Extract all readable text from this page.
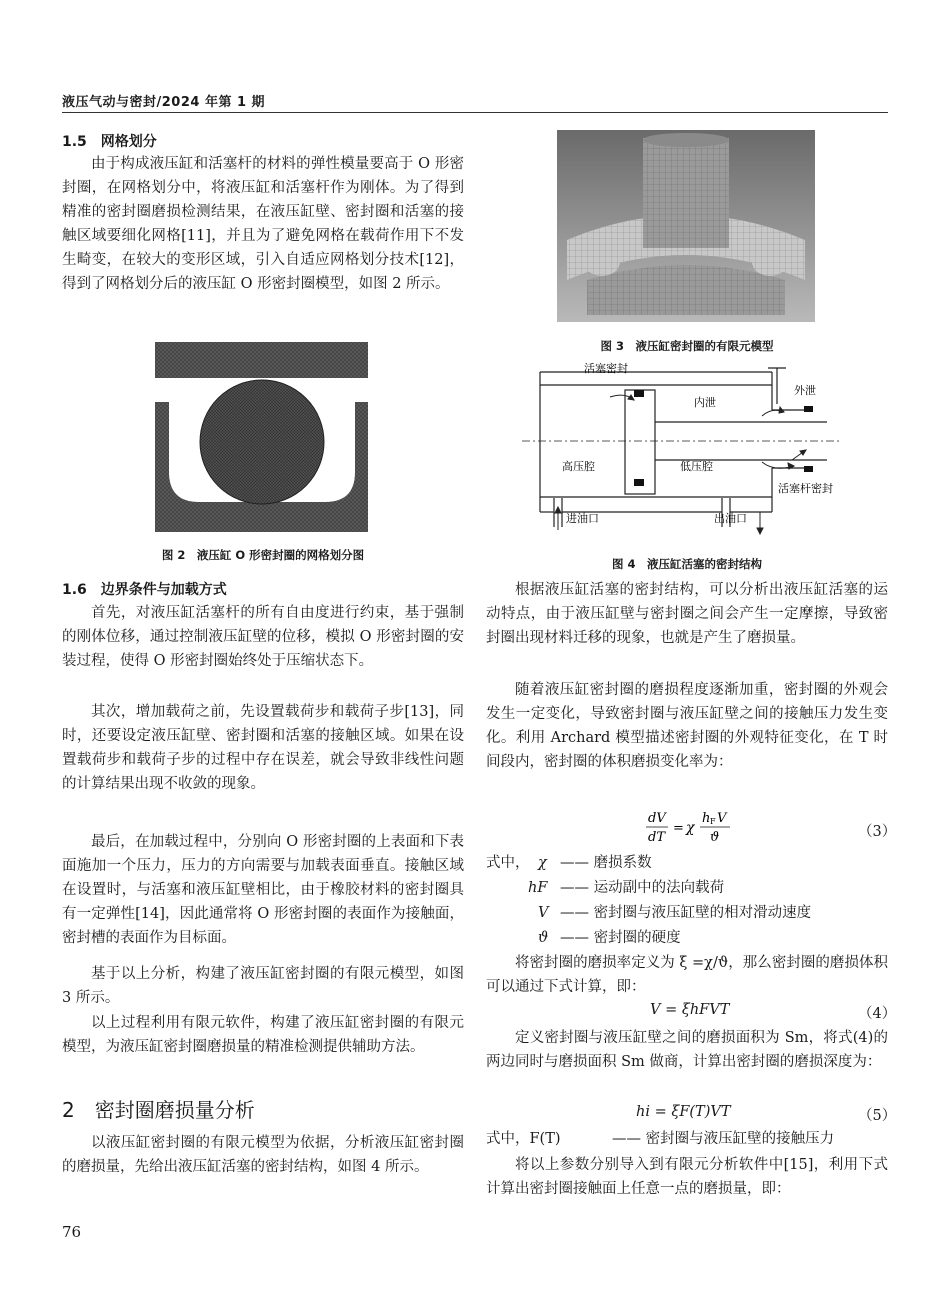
液压气动与密封/2024 年第 1 期
1.5　网格划分

由于构成液压缸和活塞杆的材料的弹性模量要高于 O 形密封圈，在网格划分中，将液压缸和活塞杆作为刚体。为了得到精准的密封圈磨损检测结果，在液压缸壁、密封圈和活塞的接触区域要细化网格[11]，并且为了避免网格在载荷作用下不发生畸变，在较大的变形区域，引入自适应网格划分技术[12]，得到了网格划分后的液压缸 O 形密封圈模型，如图 2 所示。

图 2　液压缸 O 形密封圈的网格划分图
1.6　边界条件与加载方式

首先，对液压缸活塞杆的所有自由度进行约束，基于强制的刚体位移，通过控制液压缸壁的位移，模拟 O 形密封圈的安装过程，使得 O 形密封圈始终处于压缩状态下。

其次，增加载荷之前，先设置载荷步和载荷子步[13]，同时，还要设定液压缸壁、密封圈和活塞的接触区域。如果在设置载荷步和载荷子步的过程中存在误差，就会导致非线性问题的计算结果出现不收敛的现象。

最后，在加载过程中，分别向 O 形密封圈的上表面和下表面施加一个压力，压力的方向需要与加载表面垂直。接触区域在设置时，与活塞和液压缸壁相比，由于橡胶材料的密封圈具有一定弹性[14]，因此通常将 O 形密封圈的表面作为接触面，密封槽的表面作为目标面。

基于以上分析，构建了液压缸密封圈的有限元模型，如图 3 所示。

以上过程利用有限元软件，构建了液压缸密封圈的有限元模型，为液压缸密封圈磨损量的精准检测提供辅助方法。

2　密封圈磨损量分析

以液压缸密封圈的有限元模型为依据，分析液压缸密封圈的磨损量，先给出液压缸活塞的密封结构，如图 4 所示。

76
图 3　液压缸密封圈的有限元模型
活塞密封
内泄
外泄
高压腔	低压腔
活塞杆密封
进油口	出油口
图 4　液压缸活塞的密封结构

根据液压缸活塞的密封结构，可以分析出液压缸活塞的运动特点，由于液压缸壁与密封圈之间会产生一定摩擦，导致密封圈出现材料迁移的现象，也就是产生了磨损量。

随着液压缸密封圈的磨损程度逐渐加重，密封圈的外观会发生一定变化，导致密封圈与液压缸壁之间的接触压力发生变化。利用 Archard 模型描述密封圈的外观特征变化，在 T 时间段内，密封圈的体积磨损变化率为：

dV
dT
= χ
h F V
ϑ	（3）
式中， χ —— 磨损系数
hF —— 运动副中的法向载荷
V —— 密封圈与液压缸壁的相对滑动速度
ϑ —— 密封圈的硬度

将密封圈的磨损率定义为 ξ =χ/ϑ，那么密封圈的磨损体积可以通过下式计算，即：

V = ξhFVT	（4）

定义密封圈与液压缸壁之间的磨损面积为 Sm，将式(4)的两边同时与磨损面积 Sm 做商，计算出密封圈的磨损深度为：

hi = ξF(T)VT	（5）
式中，F(T)	—— 密封圈与液压缸壁的接触压力

将以上参数分别导入到有限元分析软件中[15]，利用下式计算出密封圈接触面上任意一点的磨损量，即：
